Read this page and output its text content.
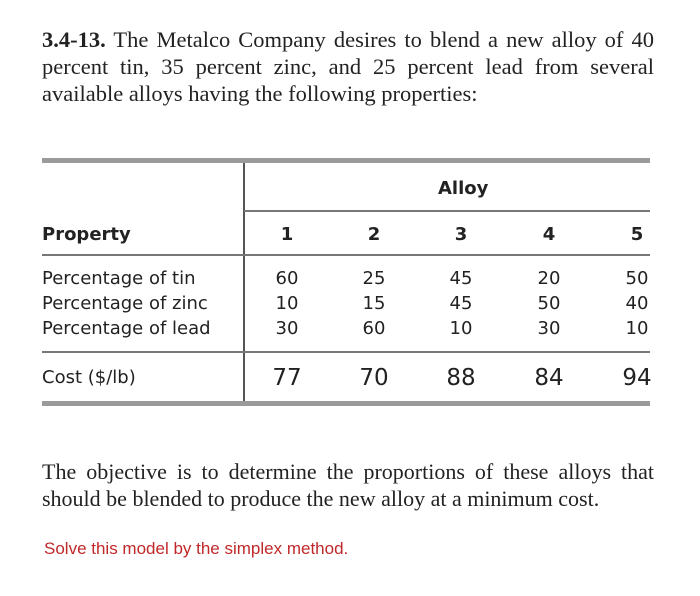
3.4-13. The Metalco Company desires to blend a new alloy of 40 percent tin, 35 percent zinc, and 25 percent lead from several available alloys having the following properties:
Alloy
Property	1	2	3	4	5
Percentage of tin	60	25	45	20	50
Percentage of zinc	10	15	45	50	40
Percentage of lead	30	60	10	30	10
Cost ($/lb)	77	70	88	84	94
The objective is to determine the proportions of these alloys that should be blended to produce the new alloy at a minimum cost.
Solve this model by the simplex method.
